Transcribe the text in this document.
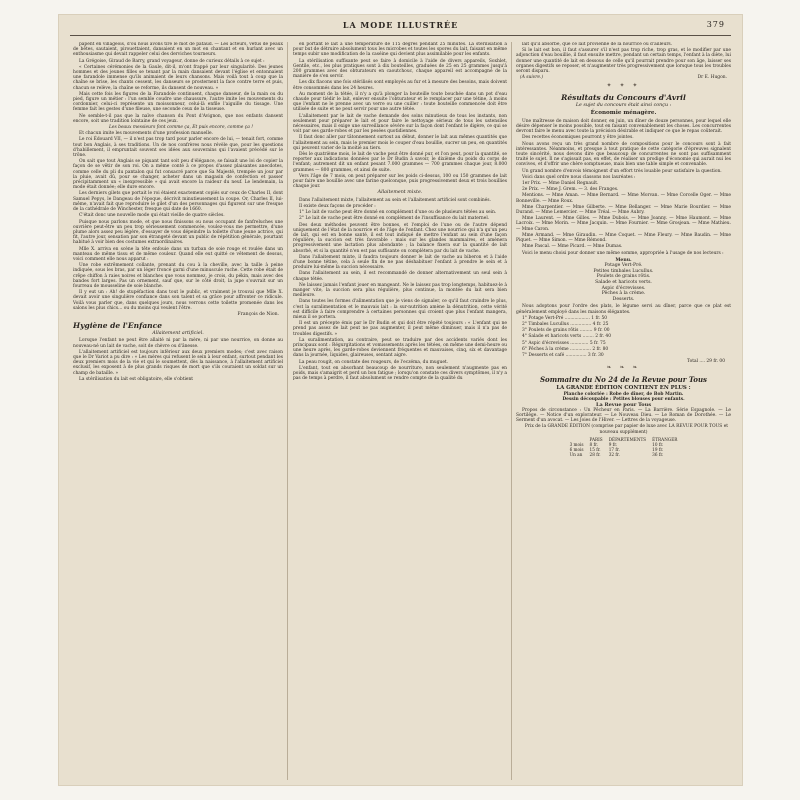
LA MODE ILLUSTRÉE	379

papent en villageois, d'où nous avons tiré le mot de pataud. — Les acteurs, vêtus de peaux de bêtes, sautaient, pirouettaient, dansaient en un mot en chantant et en hurlant avec un enthousiasme qui devait rappeler celui des derviches tourneurs.

La Grégoise, Giraud de Barry, grand voyageur, donne de curieux détails à ce sujet :

« Certaines cérémonies de la Gaule, dit-il, m'ont frappé par leur singularité. Des jeunes hommes et des jeunes filles se tenant par la main dansaient devant l'église et entonnaient une farandole immense qu'ils animaient de leurs chansons. Mais voilà tout à coup que la chaîne se brise, les chants cessent, les danseurs se prosternent la face contre terre et puis, chacun se relève, la chaîne se reforme, ils dansent de nouveau. »

Mais cette fois les figures de la Farandole continuent, chaque danseur, de la main ou du pied, figure un métier : l'un semble coudre une chaussure, l'autre imite les mouvements du cordonnier, celui-ci représente un moissonneur, celui-là enfile l'aiguille du tissage. Une femme fait les gestes d'une fileuse, une seconde ceux de la tisseuse.

Ne semble-t-il pas que la naïve chanson du Pont d'Avignon, que nos enfants dansent encore, soit une tradition lointaine de ces jeux.

Les beaux messieurs font comme ça, Et puis encore, comme ça !

Et chacun imite les mouvements d'une profession manuelle.

Le roi Édouard VII, — il n'est pas trop tard pour parler encore de lui, — tenait fort, comme tout bon Anglais, à ses traditions. Un de nos confrères nous révèle que, pour les questions d'habillement, il empruntait souvent ses idées aux souverains qui l'avaient précédé sur le trône.

On sait que tout Anglais se piquant tant soit peu d'élégance, se faisait une loi de copier la façon de se vêtir de son roi. On a même conté à ce propos d'assez plaisantes anecdotes, comme celle du pli du pantalon qui fut consacré parce que Sa Majesté, trempée un jour par la pluie, avait dû, pour se changer, acheter dans un magasin de confection et passer précipitamment un « inexpressible » qui avait encore la raideur du neuf. Le lendemain, la mode était donnée; elle dure encore.

Les derniers gilets que portait le roi étaient exactement copiés sur ceux de Charles II, dont Samuel Pepys, le Dangeau de l'époque, décrivit minutieusement la coupe. Or, Charles II, lui-même, n'avait fait que reproduire le gilet d'un des personnages qui figurent sur une fresque de la cathédrale de Winchester, fresque qui date de 1660.

C'était donc une nouvelle mode qui était vieille de quatre siècles.

Puisque nous parlons mode, et que nous finissons ou nous occupant de fanfreluches une ouvrière peut-être un peu trop sérieusement commencée, voulez-vous me permettre, d'une plume alors assez peu légère, d'essayer de vous dépeindre la toilette d'une jeune actrice, qui fit, l'autre jour, sensation par son étrangeté devant un public de répétition générale, pourtant habitué à voir bien des costumes extraordinaires.

Mlle X. arriva en scène la tête enfouie dans un turban de soie rouge et roulée dans un manteau de même tissu et de même couleur. Quand elle eut quitté ce vêtement de dessus, voici comment elle nous apparut :

Une robe extrêmement collante, prenant du cou à la cheville, avec la taille à peine indiquée, sous les bras, par un léger froncé garni d'une minuscule ruche. Cette robe était de crêpe chiffon à raies noires et blanches que vous nommez, je crois, du pékin, mais avec des bandes fort larges. Pas un ornement, sauf que, sur le côté droit, la jupe s'ouvrait sur un fourreau de mousseline de soie blanche.

Il y eut un : Ah! de stupéfaction dans tout le public, et vraiment je trouvai que Mlle X. devait avoir une singulière confiance dans son talent et sa grâce pour affronter ce ridicule. Voilà vous parler que, dans quelques jours, nous verrons cette toilette promenée dans les salons les plus chics... ou du moins qui veulent l'être.

François de Nion.
Hygiène de l'Enfance
Allaitement artificiel.

Lorsque l'enfant ne peut être allaité ni par la mère, ni par une nourrice, on donne au nouveau-né un lait de vache, soit de chèvre ou d'ânesse.

L'allaitement artificiel est toujours inférieur aux deux premiers modes; c'est avec raison que le Dr Variot a pu dire : « Les mères qui refusent le sein à leur enfant, surtout pendant les deux premiers mois de la vie et qui le soumettent, dès la naissance, à l'allaitement artificiel exclusif, les exposent à de plus grands risques de mort que s'ils couraient un soldat sur un champ de bataille. »

La stérilisation du lait est obligatoire, elle s'obtient

en portant le lait à une température de 115 degrés pendant 25 minutes. La stérilisation a pour but de détruire absolument tous les microbes et toutes les spores du lait, faisant en même temps subir une modification de la caséine qui devient plus assimilable pour les enfants.

La stérilisation suffisante peut se faire à domicile à l'aide de divers appareils, Soxhlet, Gentile, etc., les plus pratiques sont à dix bouteilles, graduées de 25 en 25 grammes jusqu'à 200 grammes avec des obturateurs en caoutchouc, chaque appareil est accompagné de la manière de s'en servir.

Les dix flacons une fois stérilisés sont employés au fur et à mesure des besoins, mais doivent être consommés dans les 24 heures.

Au moment de la tétée, il n'y a qu'à plonger la bouteille toute bouchée dans un pot d'eau chaude pour tiédir le lait, enlever ensuite l'obturateur et le remplacer par une tétine, à moins que l'enfant ne le prenne avec un verre ou une cuiller : toute bouteille commencée doit être utilisée de suite et ne peut servir pour une autre tétée.

L'allaitement par le lait de vache demande des soins minutieux de tous les instants, non seulement pour préparer le lait et pour faire le nettoyage sérieux de tous les ustensiles nécessaires, mais il exige une surveillance sévère sur la façon dont l'enfant le digère, ce qui se voit par ses garde-robes et par les pesées quotidiennes.

Il faut donc aller par tâtonnement surtout au début, donner le lait aux mêmes quantités que l'allaitement au sein, mais le premier mois le couper d'eau bouillie, sucrer un peu, en quantités qui peuvent varier de la moitié au tiers.

Dès le quatrième mois, le lait de vache peut être donné pur, et l'on peut, pour la quantité, se reporter aux indications données par le Dr Budin à savoir, le dixième du poids du corps de l'enfant; autrement dit un enfant pesant 7.000 grammes — 700 grammes chaque jour, 8.000 grammes — 800 grammes, et ainsi de suite.

Vers l'âge de 7 mois, on peut préparer sur les poids ci-dessus, 100 ou 150 grammes de lait pour faire une bouillie avec une farine quelconque, puis progressivement deux et trois bouillies chaque jour.

Allaitement mixte.

Dans l'allaitement mixte, l'allaitement au sein et l'allaitement artificiel sont combinés.

Il existe deux façons de procéder :

1° Le lait de vache peut être donné en complément d'une ou de plusieurs tétées au sein.

2° Le lait de vache peut être donné en complément de l'insuffisance du lait maternel.

Des deux méthodes peuvent être bonnes, et l'emploi de l'une ou de l'autre dépend uniquement de l'état de la nourrice et de l'âge de l'enfant. Chez une nourrice qui n'a qu'un peu de lait, qui est en bonne santé, il est tout indiqué de mettre l'enfant au sein d'une façon régulière, la succion est très favorable : mais sur les glandes mammaires, et amènera progressivement une lactation plus abondante ; la balance fixera sur la quantité de lait absorbé, et si la quantité n'en est pas suffisante on complètera par du lait de vache.

Dans l'allaitement mixte, il faudra toujours donner le lait de vache au biberon et à l'aide d'une bonne tétine, cela à seule fin de ne pas déshabituer l'enfant à prendre le sein et à produire lui-même la succion nécessaire.

Dans l'allaitement au sein, il est recommandé de donner alternativement un seul sein à chaque tétée.

Ne laissez jamais l'enfant jouer en mangeant. Ne le laissez pas trop longtemps, habituez-le à manger vite, la succion sera plus régulière, plus continue, la montée du lait sera bien meilleure.

Dans toutes les formes d'alimentation que je viens de signaler, ce qu'il faut craindre le plus, c'est la suralimentation et le mauvais lait : la sur-nutrition amène la dénutrition, cette vérité est difficile à faire comprendre à certaines personnes qui croient que plus l'enfant mangera, mieux il se portera.

Il est un précepte émis par le Dr Budin et qui doit être répété toujours : « L'enfant qui ne prend pas assez de lait peut ne pas augmenter, il peut même diminuer, mais il n'a pas de troubles digestifs. »

La suralimentation, au contraire, peut se traduire par des accidents variés dont les principaux sont : Régurgitations et vomissements après les tétées, on même une demi-heure ou une heure après, les garde-robes deviennent fréquentes et mauvaises, cinq, six et davantage dans la journée, liquides, glaireuses, sentant aigre.

La peau rougit, on constate des rougeurs, de l'eczéma, du muguet.

L'enfant, tout en absorbant beaucoup de nourriture, non seulement n'augmente pas en poids, mais s'amaigrit et perd un bon fatigue ; lorsqu'on constate ces divers symptômes, il n'y a pas de temps à perdre, il faut absolument se rendre compte de la qualité du

lait qu'il absorbe, que ce lait provienne de la nourrice ou d'ailleurs.

Si le lait est bon, il faut s'assurer s'il n'est pas trop riche, trop gras, et le modifier par une adjonction d'eau bouillie, il faut ensuite mettre, pendant un certain temps, l'enfant à la diète, lui donner une quantité de lait en dessous de celle qu'il pourrait prendre pour son âge, laisser ses organes digestifs se reposer, et n'augmenter très progressivement que lorsque tous les troubles seront disparu.

(A suivre.)	Dr E. Hugon.
✦ ✦ ✦
Résultats du Concours d'Avril
Le sujet du concours était ainsi conçu :
Économie ménagère.

Une maîtresse de maison doit donner, en juin, un dîner de douze personnes, pour lequel elle désire dépenser le moins possible, tout en faisant convenablement les choses. Les concurrentes devront faire le menu avec toute la précision désirable et indiquer ce que le repas coûterait.

Des recettes économiques pourront y être jointes.

Nous avons reçu un très grand nombre de compositions pour le concours sont à fait intéressantes. Néanmoins, et presque à tout pratique de cette catégorie d'épreuves signalent toute sincérité, nous devons dire que beaucoup de concurrentes ne sont pas suffisamment traité le sujet. Il ne s'agissait pas, en effet, de réaliser un prodige d'économie qui aurait nui les convives, et d'offrir une chère somptueuse, mais bien une table simple et convenable.

Un grand nombre d'envois témoignent d'un effort très louable pour satisfaire la question.

Voici dans quel ordre nous classons nos lauréates :

1er Prix. — Mme Daniel Regnault.

2e Prix. — Mme J. Grem. — 3. des Franges.

Mentions. — Mme Aman. — Mme Bernard. — Mme Morvan. — Mme Corcelle Oger. — Mme Bonneville. — Mme Roux.

Mme Charpentier. — Mme Gilberte. — Mme Bellanger. — Mme Marie Bourdier. — Mme Durand. — Mme Lemercier. — Mme Tréal. — Mme Aubry.

Mme Laurent. — Mme Gilles. — Mme Dubois. — Mme Joanny. — Mme Haumont. — Mme Lacroix. — Mme Morin. — Mme Jacquin. — Mme Fournier. — Mme Grosjean. — Mme Mathieu. — Mme Caron.

Mme Armand. — Mme Giraudin. — Mme Coquet. — Mme Fleury. — Mme Baudin. — Mme Piquet. — Mme Simon. — Mme Rémond.

Mme Pascal. — Mme Picard. — Mme Dumas.

Voici le menu choisi pour donner une même somme, appropriée à l'usage de nos lecteurs :

Menu.
Potage Vert-Pré.
Petites timbales Lucullus.
Poulets de grains rôtis.
Salade et haricots verts.
Aspic d'écrevisses.
Pêches à la crème.
Desserts.

Nous adoptons pour l'ordre des plats, le légume servi au dîner, parce que ce plat est généralement employé dans les maisons élégantes.

1° Potage Vert-Pré .................. 1 fr. 50

2° Timbales Lucullus ............... 4 fr. 25

3° Poulets de grains rôtis ......... 9 fr. 00

4° Salade et haricots verts ........ 2 fr. 40

5° Aspic d'écrevisses ............. 5 fr. 75

6° Pêches à la crème ............... 2 fr. 80

7° Desserts et café ............... 3 fr. 30

Total .... 29 fr. 00
❧ ❧ ❧
Sommaire du No 24 de la Revue pour Tous
LA GRANDE ÉDITION CONTIENT EN PLUS :
Planche coloriée : Robe de dîner, de Bob Martin.
Dessin découpable : Petites blouses pour enfants.
La Revue pour Tous

Propos de circonstance : Un Pêcheur en Paris. — La Barrière. Série Espagnole. — Le Sortilège. — Notice d'un explorateur. — Le Nouveau Dieu. — Le Roman de Dorothée. — Le Serment d'un avocat. — Les Joies de l'Hiver. — Lettres de la voyageuse.

Prix de la GRANDE ÉDITION (comprise par papier de luxe avec LA REVUE POUR TOUS et nouveau supplément)

	PARIS	DÉPARTEMENTS	ÉTRANGER
3 mois	8 fr.	9 fr.	10 fr.
6 mois	15 fr.	17 fr.	19 fr.
Un an	28 fr.	32 fr.	36 fr.
